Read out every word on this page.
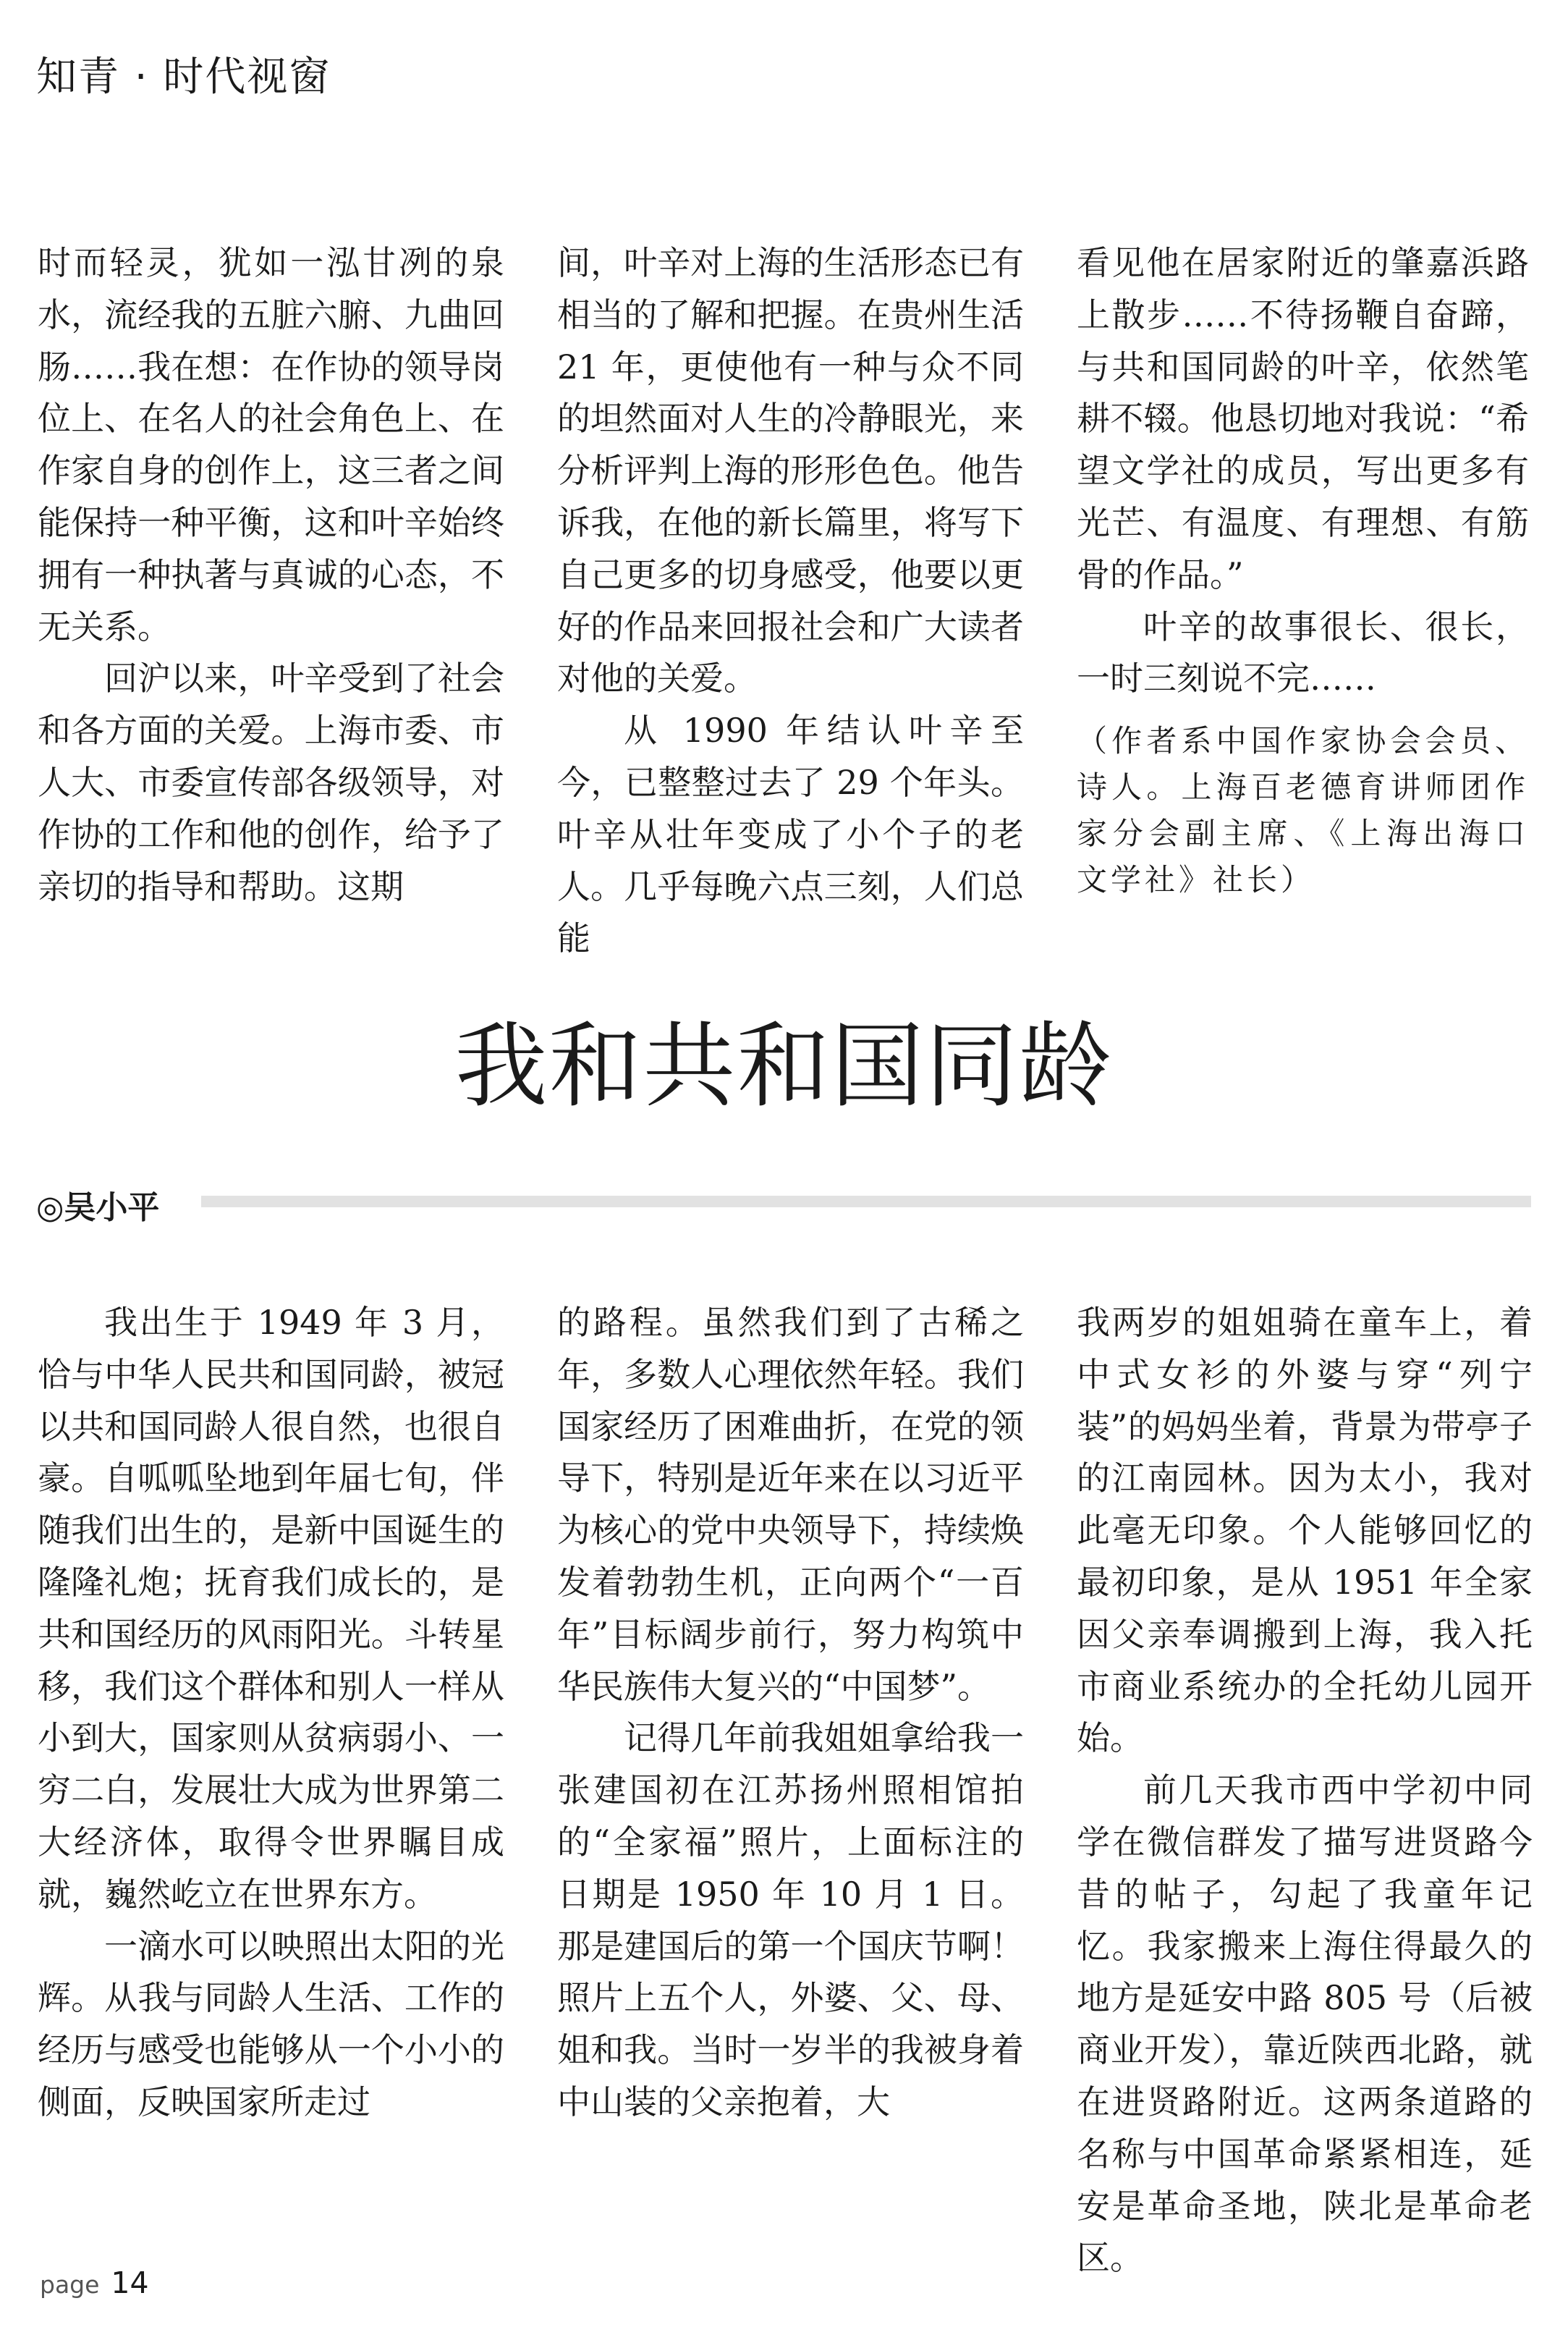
知青 · 时代视窗

时而轻灵，犹如一泓甘冽的泉水，流经我的五脏六腑、九曲回肠……我在想：在作协的领导岗位上、在名人的社会角色上、在作家自身的创作上，这三者之间能保持一种平衡，这和叶辛始终拥有一种执著与真诚的心态，不无关系。

回沪以来，叶辛受到了社会和各方面的关爱。上海市委、市人大、市委宣传部各级领导，对作协的工作和他的创作，给予了亲切的指导和帮助。这期

间，叶辛对上海的生活形态已有相当的了解和把握。在贵州生活 21 年，更使他有一种与众不同的坦然面对人生的冷静眼光，来分析评判上海的形形色色。他告诉我，在他的新长篇里，将写下自己更多的切身感受，他要以更好的作品来回报社会和广大读者对他的关爱。

从 1990 年结认叶辛至今，已整整过去了 29 个年头。叶辛从壮年变成了小个子的老人。几乎每晚六点三刻，人们总能

看见他在居家附近的肇嘉浜路上散步……不待扬鞭自奋蹄，与共和国同龄的叶辛，依然笔耕不辍。他恳切地对我说：“希望文学社的成员，写出更多有光芒、有温度、有理想、有筋骨的作品。”

叶辛的故事很长、很长，一时三刻说不完……

（作者系中国作家协会会员、诗人。上海百老德育讲师团作家分会副主席、《上海出海口文学社》社长）

我和共和国同龄
◎吴小平

我出生于 1949 年 3 月，恰与中华人民共和国同龄，被冠以共和国同龄人很自然，也很自豪。自呱呱坠地到年届七旬，伴随我们出生的，是新中国诞生的隆隆礼炮；抚育我们成长的，是共和国经历的风雨阳光。斗转星移，我们这个群体和别人一样从小到大，国家则从贫病弱小、一穷二白，发展壮大成为世界第二大经济体，取得令世界瞩目成就，巍然屹立在世界东方。

一滴水可以映照出太阳的光辉。从我与同龄人生活、工作的经历与感受也能够从一个小小的侧面，反映国家所走过

的路程。虽然我们到了古稀之年，多数人心理依然年轻。我们国家经历了困难曲折，在党的领导下，特别是近年来在以习近平为核心的党中央领导下，持续焕发着勃勃生机，正向两个“一百年”目标阔步前行，努力构筑中华民族伟大复兴的“中国梦”。

记得几年前我姐姐拿给我一张建国初在江苏扬州照相馆拍的“全家福”照片，上面标注的日期是 1950 年 10 月 1 日。那是建国后的第一个国庆节啊！照片上五个人，外婆、父、母、姐和我。当时一岁半的我被身着中山装的父亲抱着，大

我两岁的姐姐骑在童车上，着中式女衫的外婆与穿“列宁装”的妈妈坐着，背景为带亭子的江南园林。因为太小，我对此毫无印象。个人能够回忆的最初印象，是从 1951 年全家因父亲奉调搬到上海，我入托市商业系统办的全托幼儿园开始。

前几天我市西中学初中同学在微信群发了描写进贤路今昔的帖子，勾起了我童年记忆。我家搬来上海住得最久的地方是延安中路 805 号（后被商业开发），靠近陕西北路，就在进贤路附近。这两条道路的名称与中国革命紧紧相连，延安是革命圣地，陕北是革命老区。

page 14
